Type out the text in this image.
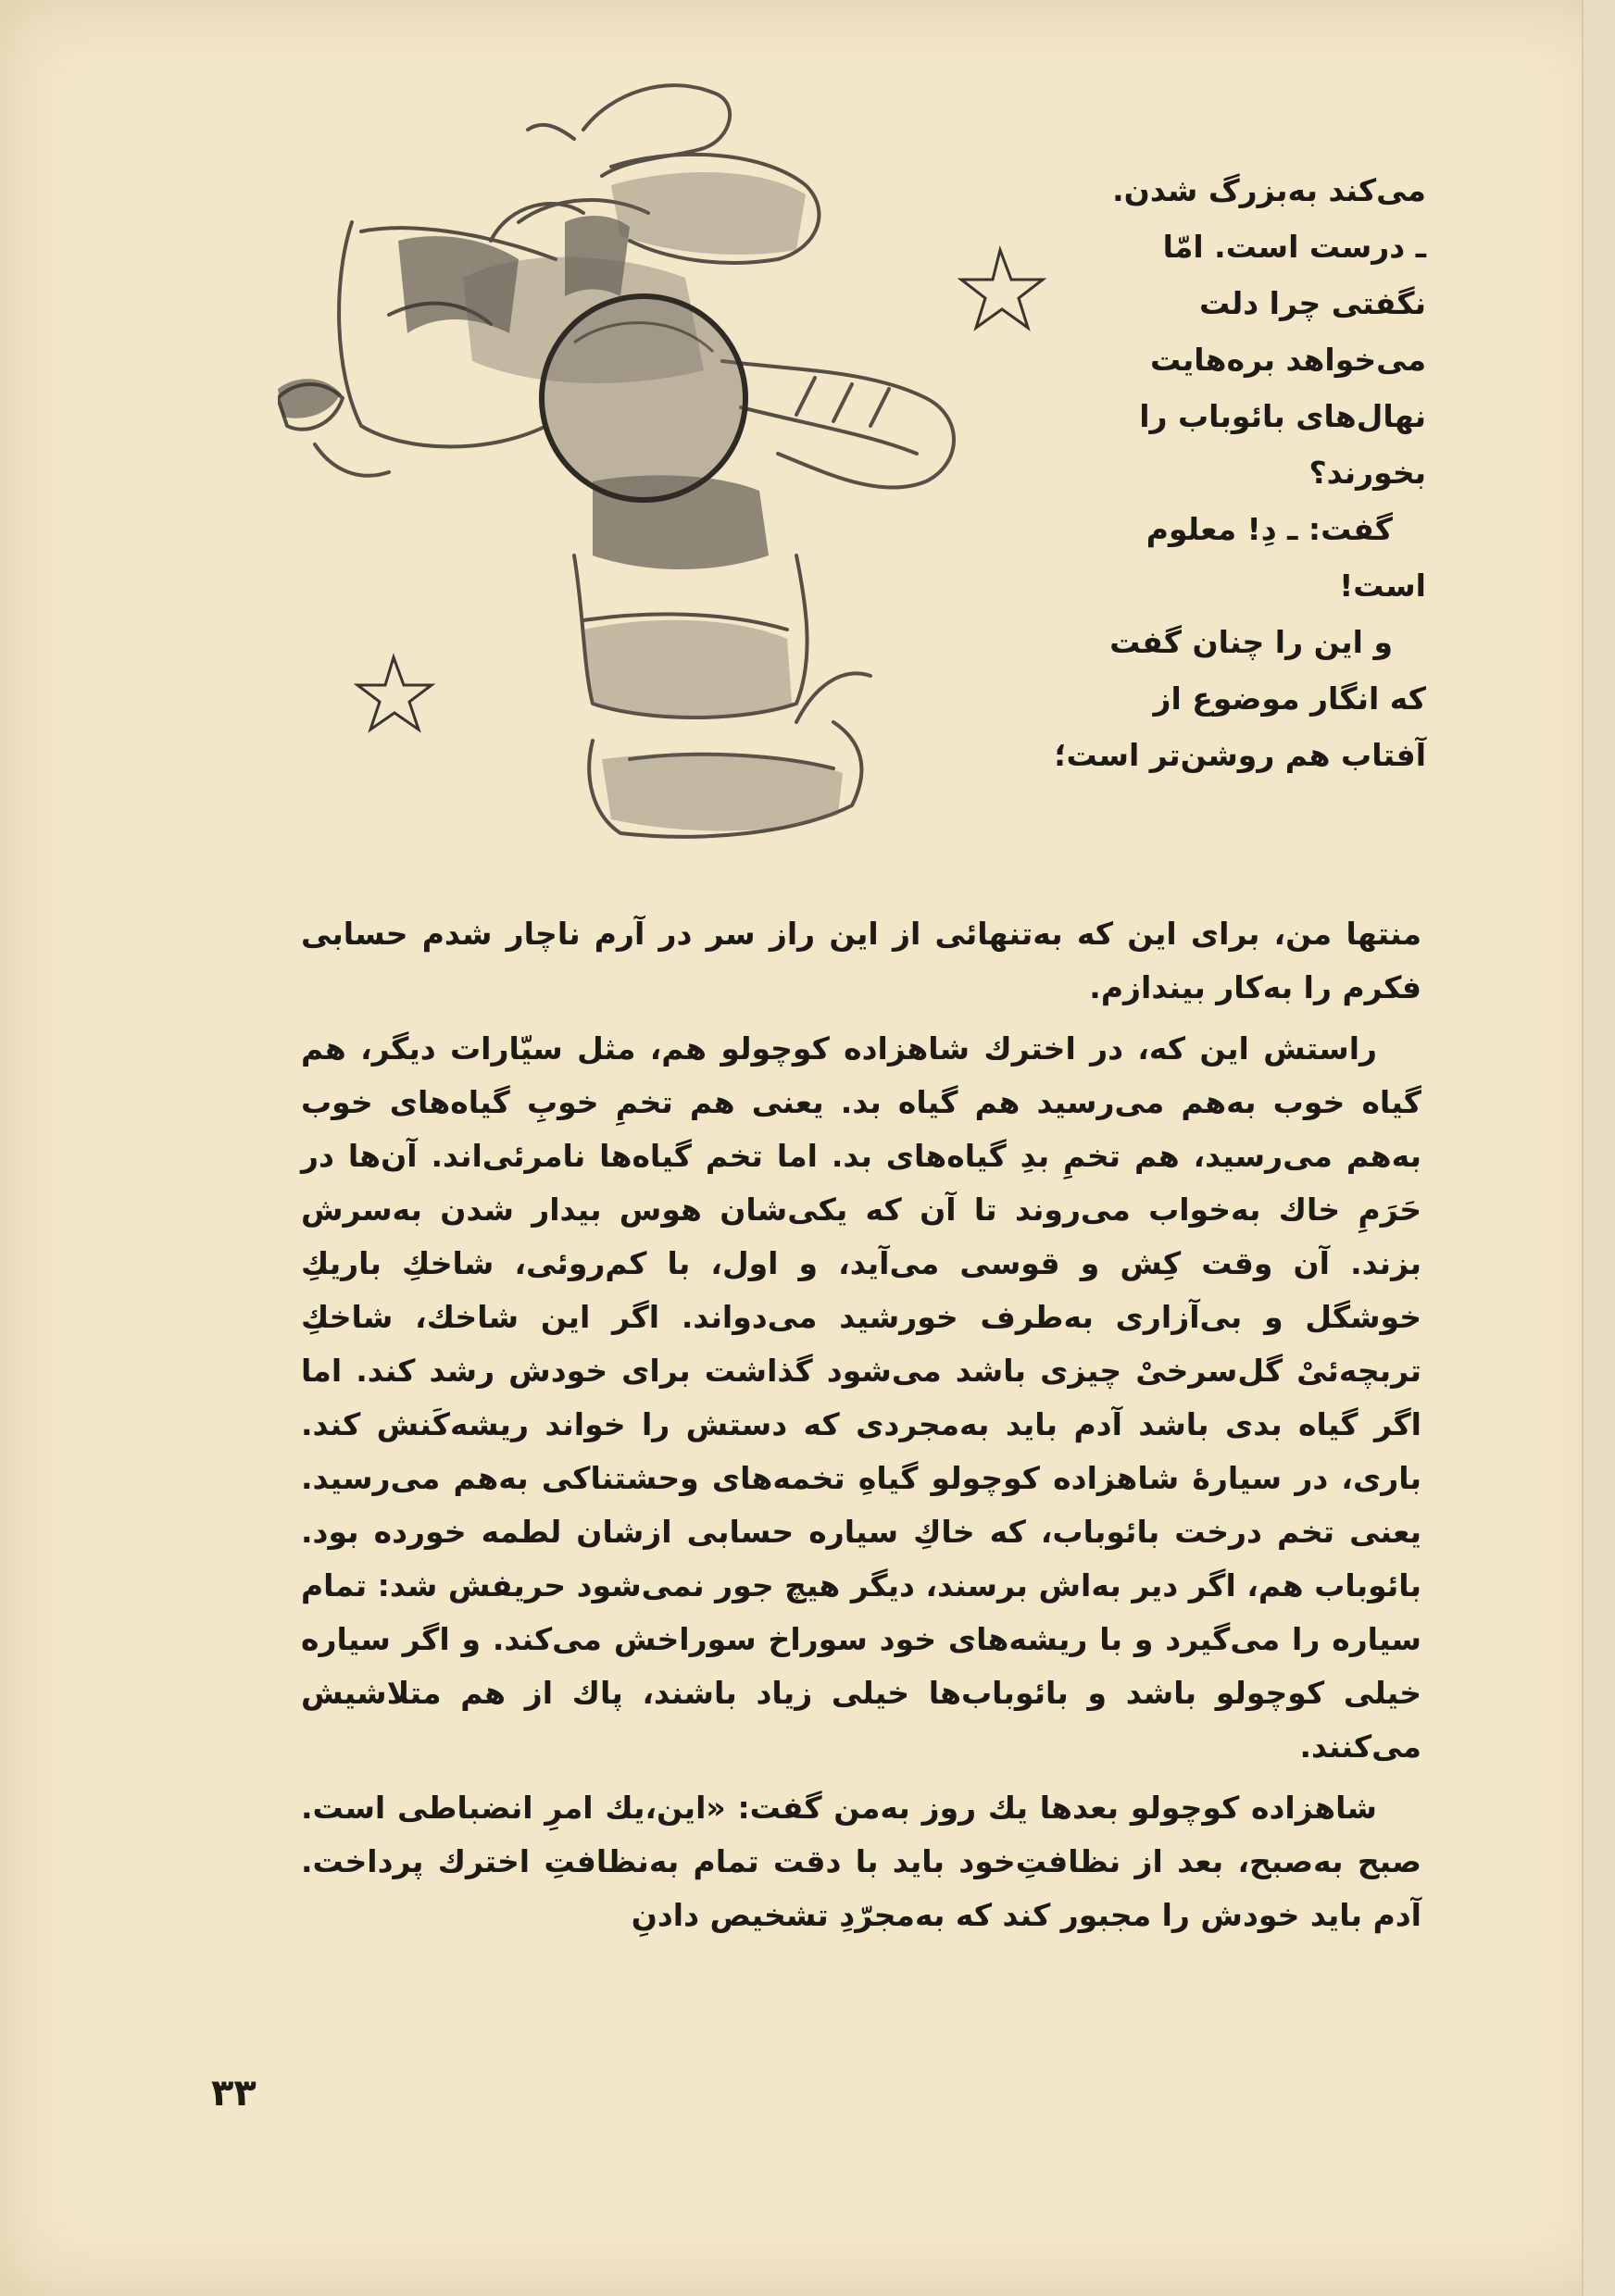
می‌کند به‌بزرگ شدن.

ـ درست است. امّا

نگفتی چرا دلت

می‌خواهد بره‌هایت

نهال‌های بائوباب را

بخورند؟

گفت: ـ دِ! معلوم

است!

و این را چنان گفت

که انگار موضوع از

آفتاب هم روشن‌تر است؛

منتها من، برای این که به‌تنهائی از این راز سر در آرم ناچار شدم حسابی فکرم را به‌کار بیندازم.

راستش این که، در اخترك شاهزاده کوچولو هم، مثل سیّارات دیگر، هم گیاه خوب به‌هم می‌رسید هم گیاه بد. یعنی هم تخمِ خوبِ گیاه‌های خوب به‌هم می‌رسید، هم تخمِ بدِ گیاه‌های بد. اما تخم گیاه‌ها نامرئی‌اند. آن‌ها در حَرَمِ خاك به‌خواب می‌روند تا آن که یکی‌شان هوس بیدار شدن به‌سرش بزند. آن وقت کِش و قوسی می‌آید، و اول، با کم‌روئی، شاخكِ باریكِ خوشگل و بی‌آزاری به‌طرف خورشید می‌دواند. اگر این شاخك، شاخكِ تربچه‌ئیْ گل‌سرخیْ چیزی باشد می‌شود گذاشت برای خودش رشد کند. اما اگر گیاه بدی باشد آدم باید به‌مجردی که دستش را خواند ریشه‌کَنش کند. باری، در سیارهٔ شاهزاده کوچولو گیاهِ تخمه‌های وحشتناکی به‌هم می‌رسید. یعنی تخم درخت بائوباب، که خاكِ سیاره حسابی ازشان لطمه خورده بود. بائوباب هم، اگر دیر به‌اش برسند، دیگر هیچ جور نمی‌شود حریفش شد: تمام سیاره را می‌گیرد و با ریشه‌های خود سوراخ سوراخش می‌کند. و اگر سیاره خیلی کوچولو باشد و بائوباب‌ها خیلی زیاد باشند، پاك از هم متلاشیش می‌کنند.

شاهزاده کوچولو بعدها یك روز به‌من گفت: «این،یك امرِ انضباطی است. صبح به‌صبح، بعد از نظافتِ‌خود باید با دقت تمام به‌نظافتِ اخترك پرداخت. آدم باید خودش را مجبور کند که به‌مجرّدِ تشخیص دادنِ

۳۳
